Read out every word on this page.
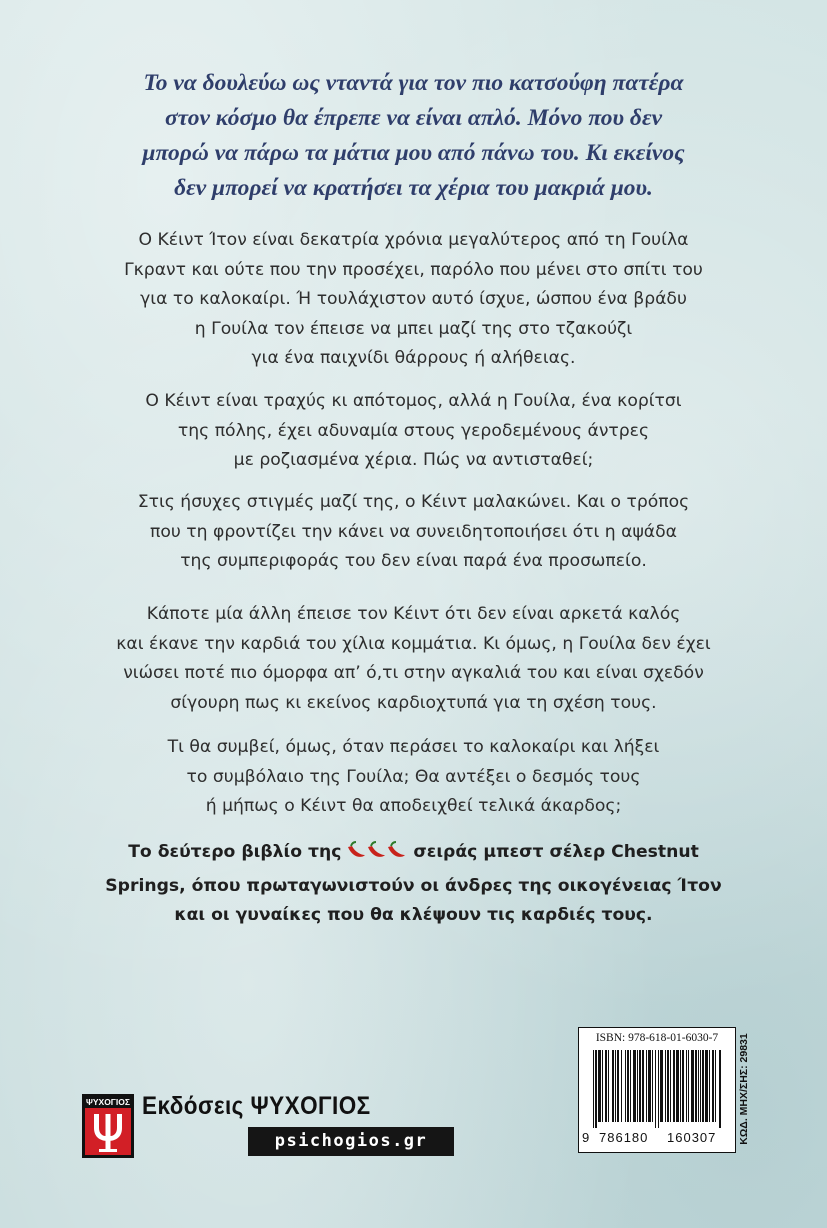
Το να δουλεύω ως νταντά για τον πιο κατσούφη πατέρα
στον κόσμο θα έπρεπε να είναι απλό. Μόνο που δεν
μπορώ να πάρω τα μάτια μου από πάνω του. Κι εκείνος
δεν μπορεί να κρατήσει τα χέρια του μακριά μου.
Ο Κέιντ Ίτον είναι δεκατρία χρόνια μεγαλύτερος από τη Γουίλα
Γκραντ και ούτε που την προσέχει, παρόλο που μένει στο σπίτι του
για το καλοκαίρι. Ή τουλάχιστον αυτό ίσχυε, ώσπου ένα βράδυ
η Γουίλα τον έπεισε να μπει μαζί της στο τζακούζι
για ένα παιχνίδι θάρρους ή αλήθειας.
Ο Κέιντ είναι τραχύς κι απότομος, αλλά η Γουίλα, ένα κορίτσι
της πόλης, έχει αδυναμία στους γεροδεμένους άντρες
με ροζιασμένα χέρια. Πώς να αντισταθεί;
Στις ήσυχες στιγμές μαζί της, ο Κέιντ μαλακώνει. Και ο τρόπος
που τη φροντίζει την κάνει να συνειδητοποιήσει ότι η αψάδα
της συμπεριφοράς του δεν είναι παρά ένα προσωπείο.
Κάποτε μία άλλη έπεισε τον Κέιντ ότι δεν είναι αρκετά καλός
και έκανε την καρδιά του χίλια κομμάτια. Κι όμως, η Γουίλα δεν έχει
νιώσει ποτέ πιο όμορφα απ’ ό,τι στην αγκαλιά του και είναι σχεδόν
σίγουρη πως κι εκείνος καρδιοχτυπά για τη σχέση τους.
Τι θα συμβεί, όμως, όταν περάσει το καλοκαίρι και λήξει
το συμβόλαιο της Γουίλα; Θα αντέξει ο δεσμός τους
ή μήπως ο Κέιντ θα αποδειχθεί τελικά άκαρδος;
Το δεύτερο βιβλίο της	σειράς μπεστ σέλερ Chestnut
Springs, όπου πρωταγωνιστούν οι άνδρες της οικογένειας Ίτον
και οι γυναίκες που θα κλέψουν τις καρδιές τους.
ΨΥΧΟΓΙΟΣ Εκδόσεις ΨΥΧΟΓΙΟΣ
psichogios.gr
ISBN: 978-618-01-6030-7
9 786180 160307 ΚΩΔ. ΜΗΧ/ΣΗΣ: 29831
